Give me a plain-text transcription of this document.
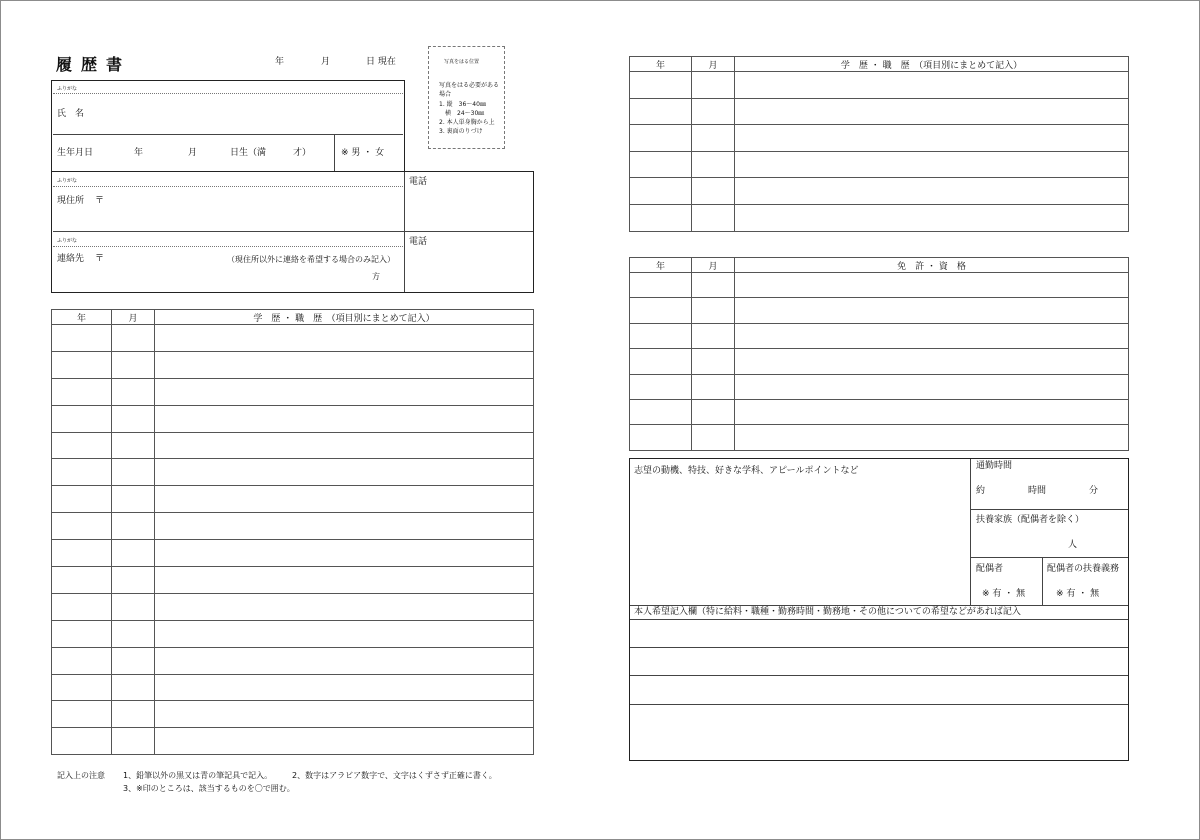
履歴書	年	月	日 現在	写真をはる位置
写真をはる必要がある場合
1. 縦　36～40㎜
　横　24～30㎜
2. 本人単身胸から上
3. 裏面のりづけ
ふりがな
氏　名
生年月日	年	月	日生（満　　　才）	※ 男 ・ 女
ふりがな
現住所 〒
電話
ふりがな
連絡先 〒	（現住所以外に連絡を希望する場合のみ記入）
方
電話
年	月	学　歴 ・ 職　歴　（項目別にまとめて記入）

記入上の注意 1、鉛筆以外の黒又は青の筆記具で記入。 2、数字はアラビア数字で、文字はくずさず正確に書く。
3、※印のところは、該当するものを〇で囲む。
年	月	学　歴 ・ 職　歴　（項目別にまとめて記入）

年	月	免　許 ・ 資　格

志望の動機、特技、好きな学科、アピールポイントなど	通勤時間
約	時間	分
扶養家族（配偶者を除く）
人
配偶者
※ 有 ・ 無
配偶者の扶養義務
※ 有 ・ 無
本人希望記入欄（特に給料・職種・勤務時間・勤務地・その他についての希望などがあれば記入
